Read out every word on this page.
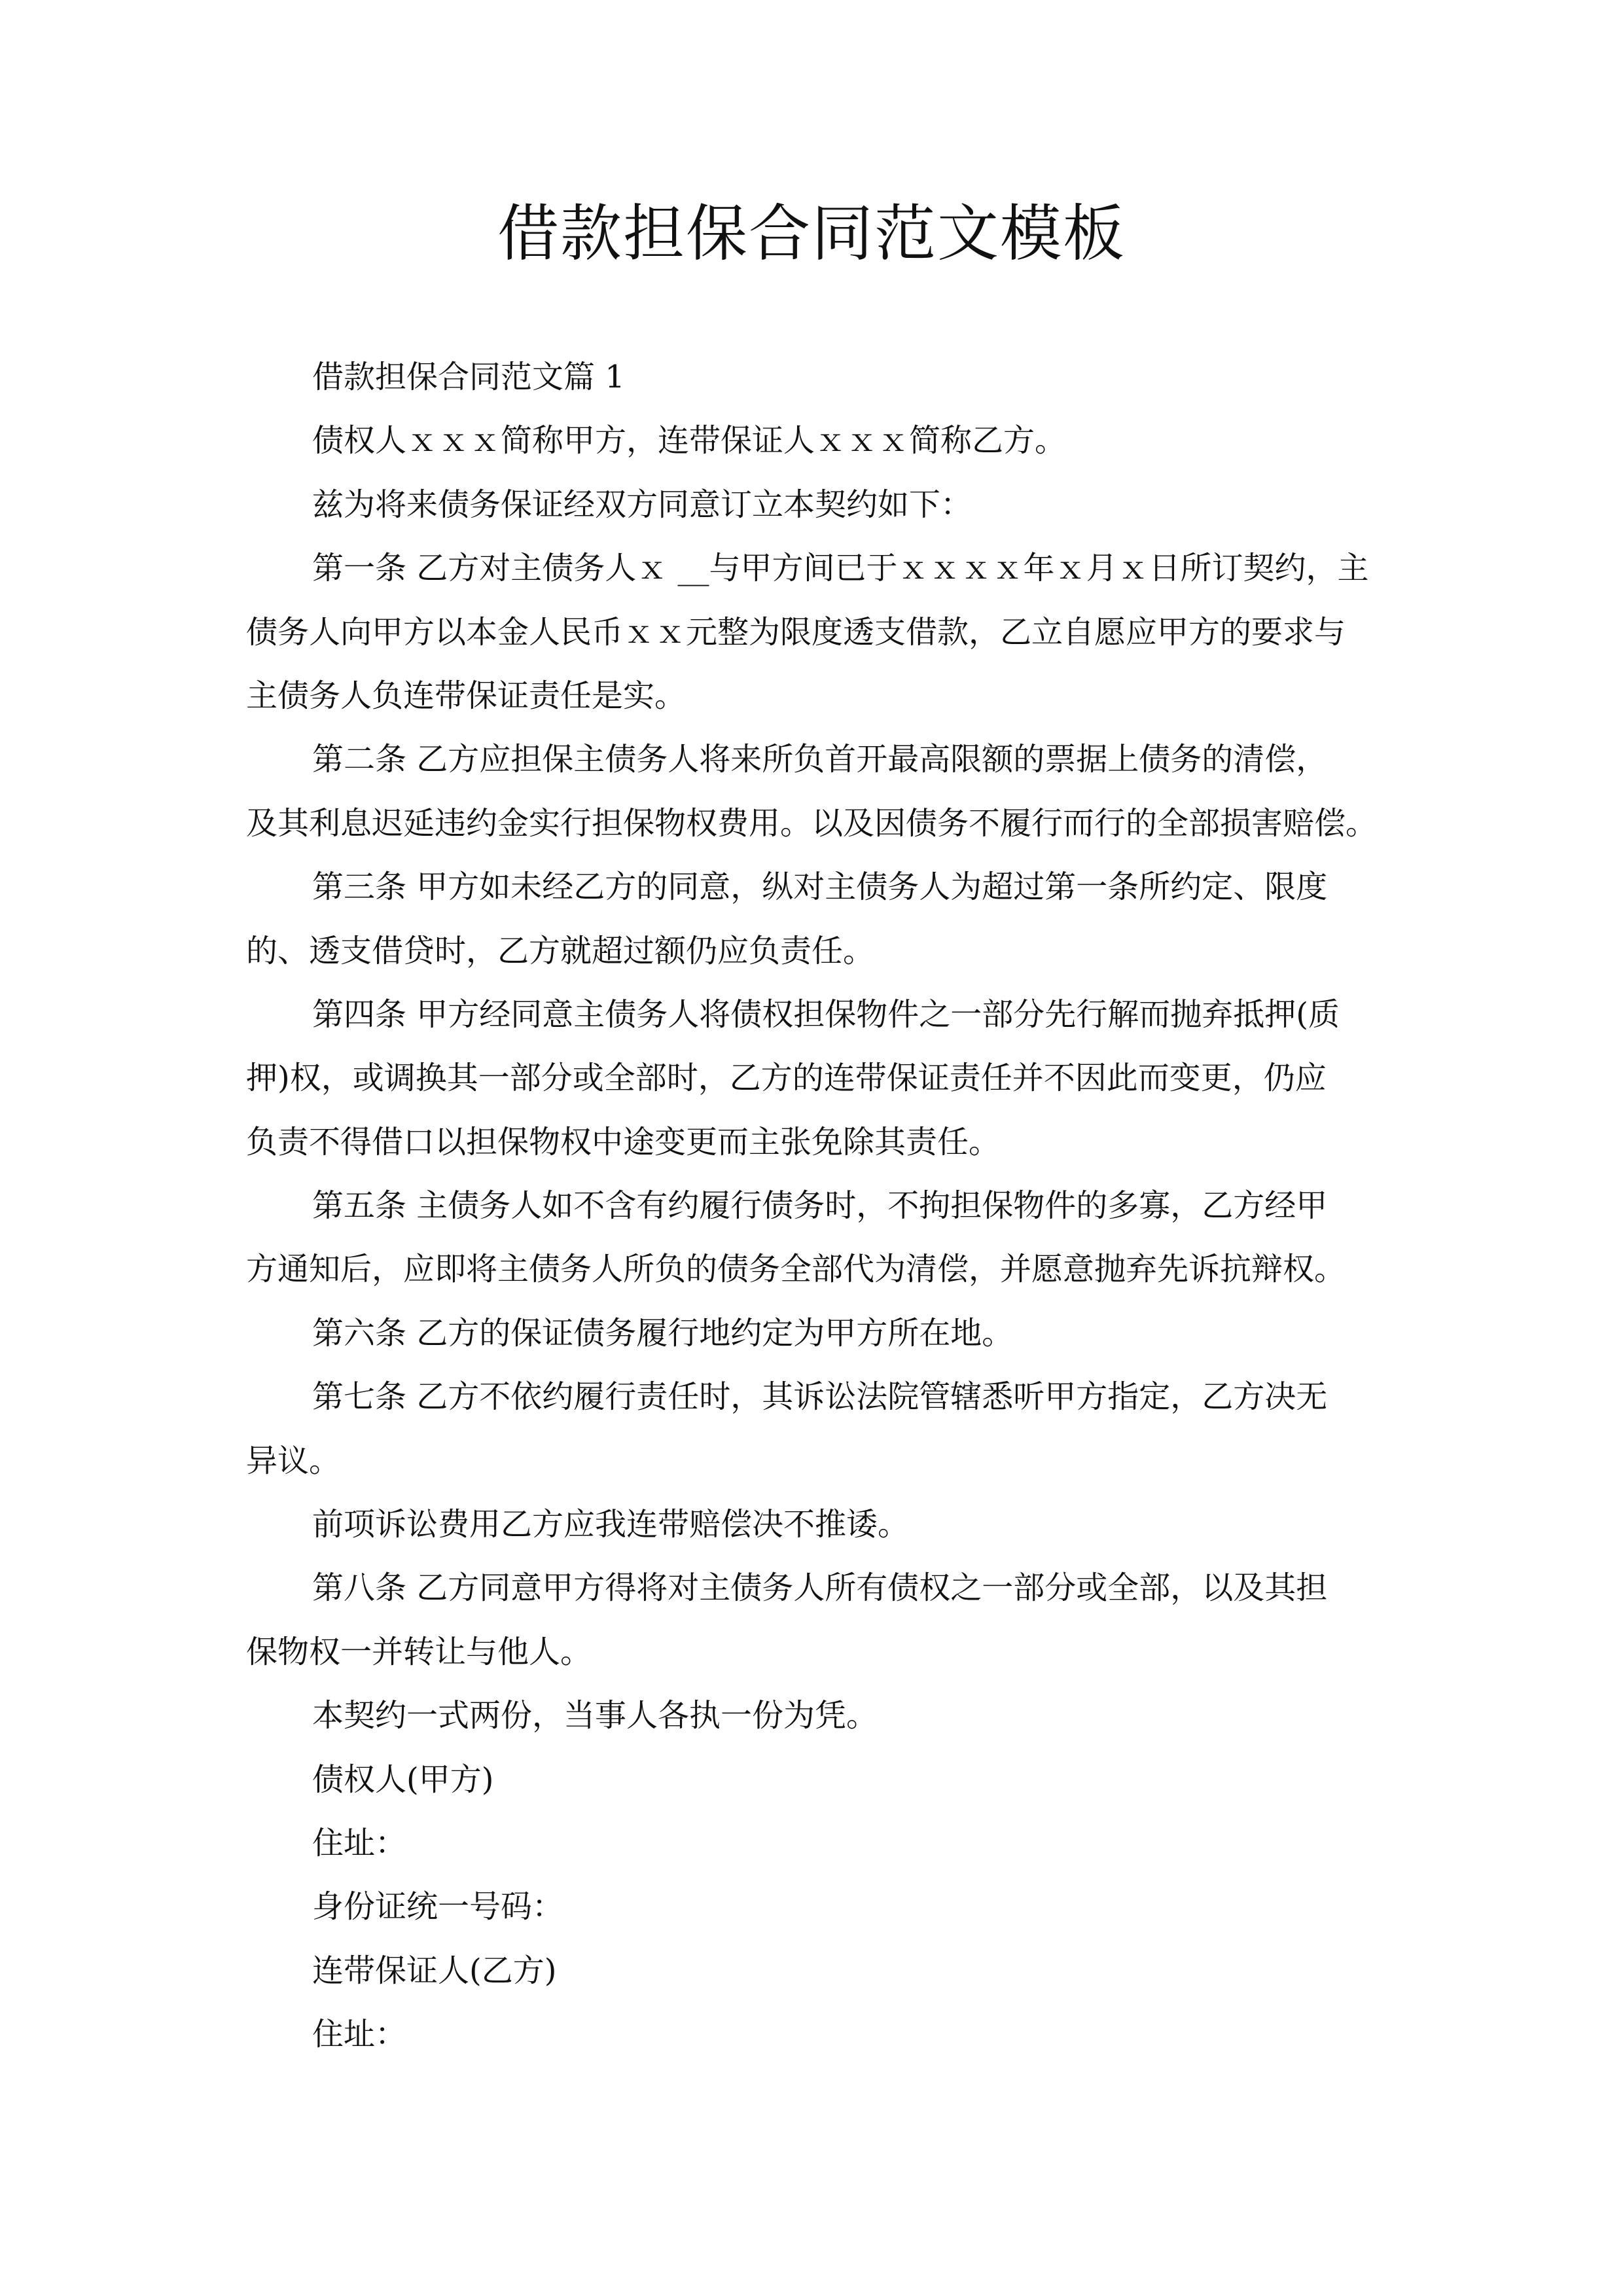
借款担保合同范文模板
借款担保合同范文篇 1
债权人ｘｘｘ简称甲方，连带保证人ｘｘｘ简称乙方。
兹为将来债务保证经双方同意订立本契约如下：
第一条 乙方对主债务人ｘ __与甲方间已于ｘｘｘｘ年ｘ月ｘ日所订契约，主
债务人向甲方以本金人民币ｘｘ元整为限度透支借款，乙立自愿应甲方的要求与
主债务人负连带保证责任是实。
第二条 乙方应担保主债务人将来所负首开最高限额的票据上债务的清偿，
及其利息迟延违约金实行担保物权费用。以及因债务不履行而行的全部损害赔偿。
第三条 甲方如未经乙方的同意，纵对主债务人为超过第一条所约定、限度
的、透支借贷时，乙方就超过额仍应负责任。
第四条 甲方经同意主债务人将债权担保物件之一部分先行解而抛弃抵押(质
押)权，或调换其一部分或全部时，乙方的连带保证责任并不因此而变更，仍应
负责不得借口以担保物权中途变更而主张免除其责任。
第五条 主债务人如不含有约履行债务时，不拘担保物件的多寡，乙方经甲
方通知后，应即将主债务人所负的债务全部代为清偿，并愿意抛弃先诉抗辩权。
第六条 乙方的保证债务履行地约定为甲方所在地。
第七条 乙方不依约履行责任时，其诉讼法院管辖悉听甲方指定，乙方决无
异议。
前项诉讼费用乙方应我连带赔偿决不推诿。
第八条 乙方同意甲方得将对主债务人所有债权之一部分或全部，以及其担
保物权一并转让与他人。
本契约一式两份，当事人各执一份为凭。
债权人(甲方)
住址：
身份证统一号码：
连带保证人(乙方)
住址：
